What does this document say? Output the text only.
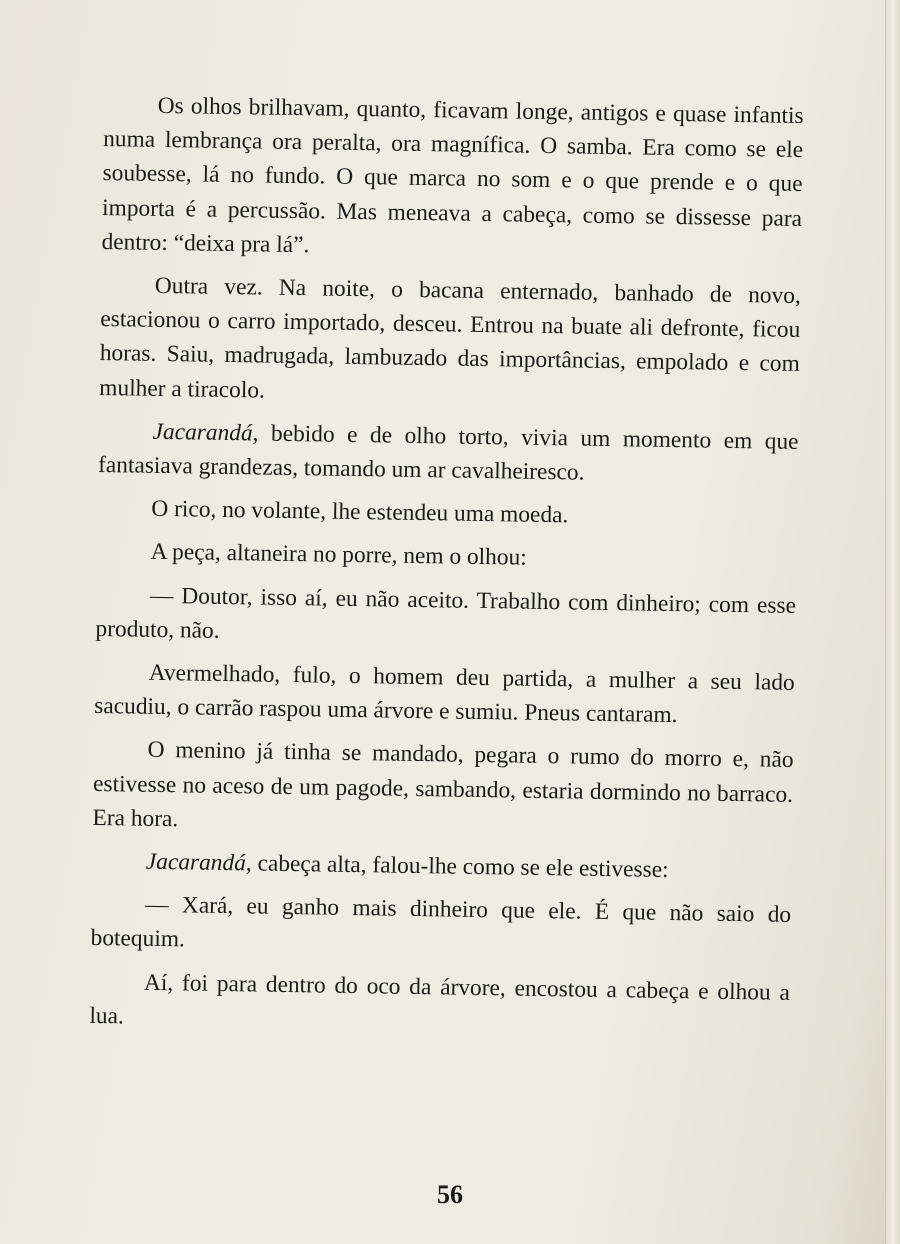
Os olhos brilhavam, quanto, ficavam longe, antigos e quase infantis numa lembrança ora peralta, ora magnífica. O samba. Era como se ele soubesse, lá no fundo. O que marca no som e o que prende e o que importa é a percussão. Mas meneava a cabeça, como se dissesse para dentro: “deixa pra lá”.

Outra vez. Na noite, o bacana enternado, banhado de novo, estacionou o carro importado, desceu. Entrou na buate ali defronte, ficou horas. Saiu, madrugada, lambuzado das importâncias, empolado e com mulher a tiracolo.

Jacarandá, bebido e de olho torto, vivia um momento em que fantasiava grandezas, tomando um ar cavalheiresco.

O rico, no volante, lhe estendeu uma moeda.

A peça, altaneira no porre, nem o olhou:

— Doutor, isso aí, eu não aceito. Trabalho com dinheiro; com esse produto, não.

Avermelhado, fulo, o homem deu partida, a mulher a seu lado sacudiu, o carrão raspou uma árvore e sumiu. Pneus cantaram.

O menino já tinha se mandado, pegara o rumo do morro e, não estivesse no aceso de um pagode, sambando, estaria dormindo no barraco. Era hora.

Jacarandá, cabeça alta, falou-lhe como se ele estivesse:

— Xará, eu ganho mais dinheiro que ele. É que não saio do botequim.

Aí, foi para dentro do oco da árvore, encostou a cabeça e olhou a lua.

56
